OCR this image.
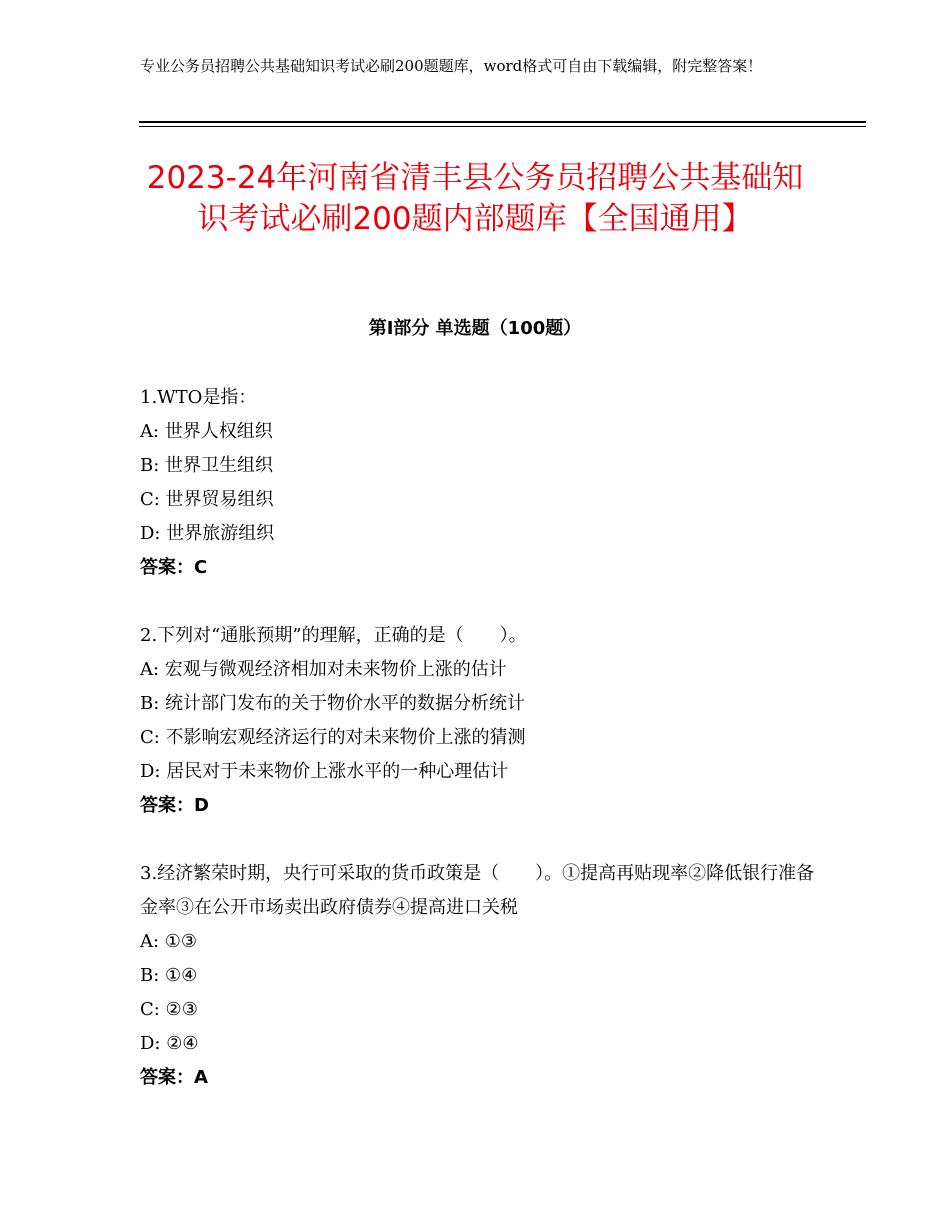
专业公务员招聘公共基础知识考试必刷200题题库，word格式可自由下载编辑，附完整答案！
2023-24年河南省清丰县公务员招聘公共基础知识考试必刷200题内部题库【全国通用】
第Ⅰ部分 单选题（100题）
1.WTO是指：
A: 世界人权组织
B: 世界卫生组织
C: 世界贸易组织
D: 世界旅游组织
答案：C
2.下列对“通胀预期”的理解，正确的是（　　）。
A: 宏观与微观经济相加对未来物价上涨的估计
B: 统计部门发布的关于物价水平的数据分析统计
C: 不影响宏观经济运行的对未来物价上涨的猜测
D: 居民对于未来物价上涨水平的一种心理估计
答案：D
3.经济繁荣时期，央行可采取的货币政策是（　　）。①提高再贴现率②降低银行准备金率③在公开市场卖出政府债券④提高进口关税
A: ①③
B: ①④
C: ②③
D: ②④
答案：A
